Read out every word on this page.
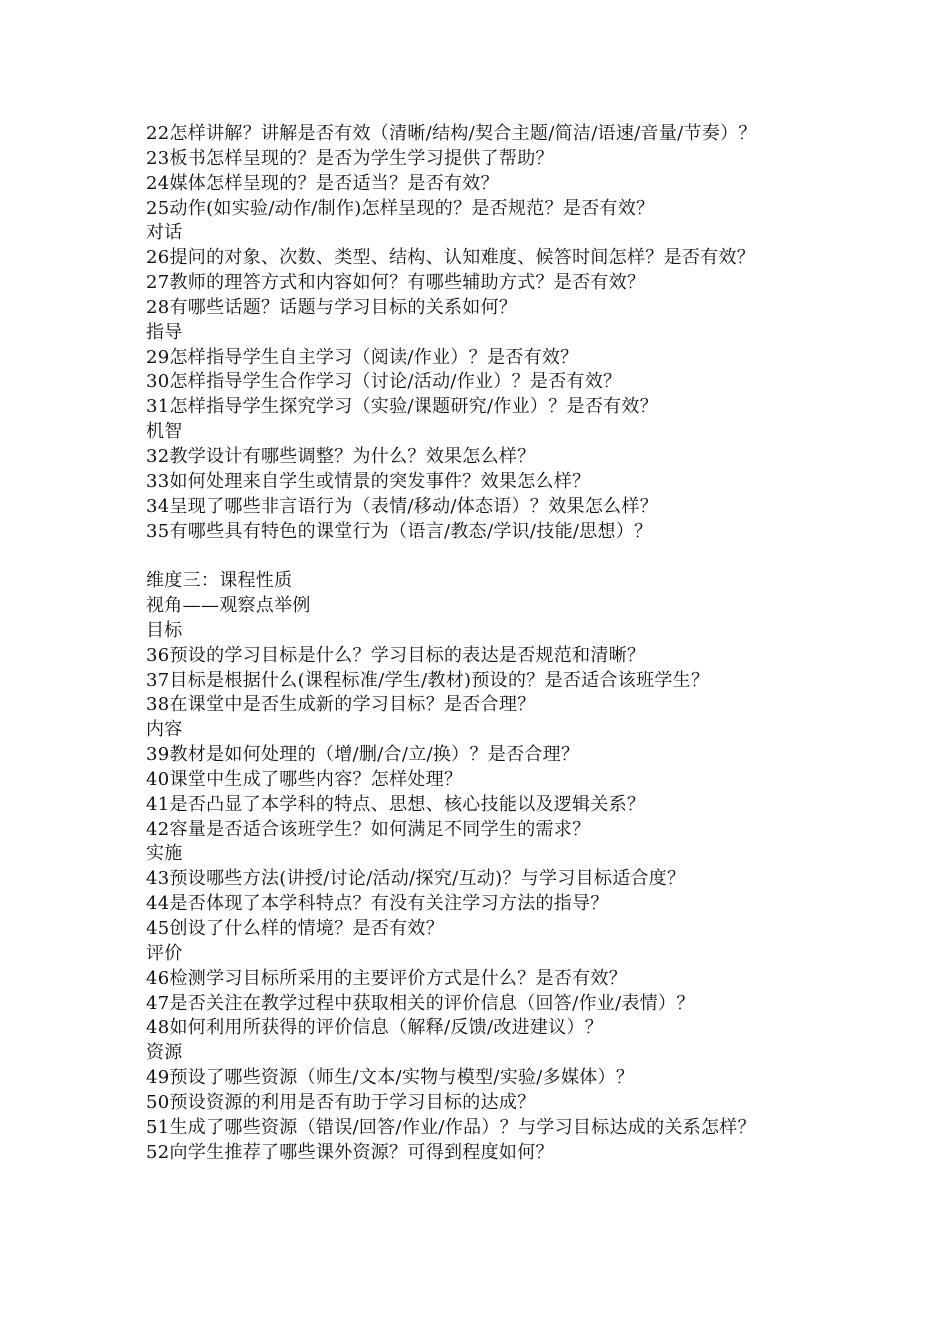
22怎样讲解？讲解是否有效（清晰/结构/契合主题/简洁/语速/音量/节奏）？
23板书怎样呈现的？是否为学生学习提供了帮助？
24媒体怎样呈现的？是否适当？是否有效？
25动作(如实验/动作/制作)怎样呈现的？是否规范？是否有效？
对话
26提问的对象、次数、类型、结构、认知难度、候答时间怎样？是否有效？
27教师的理答方式和内容如何？有哪些辅助方式？是否有效？
28有哪些话题？话题与学习目标的关系如何？
指导
29怎样指导学生自主学习（阅读/作业）？是否有效？
30怎样指导学生合作学习（讨论/活动/作业）？是否有效？
31怎样指导学生探究学习（实验/课题研究/作业）？是否有效？
机智
32教学设计有哪些调整？为什么？效果怎么样？
33如何处理来自学生或情景的突发事件？效果怎么样？
34呈现了哪些非言语行为（表情/移动/体态语）？效果怎么样？
35有哪些具有特色的课堂行为（语言/教态/学识/技能/思想）？
维度三：课程性质
视角——观察点举例
目标
36预设的学习目标是什么？学习目标的表达是否规范和清晰？
37目标是根据什么(课程标准/学生/教材)预设的？是否适合该班学生？
38在课堂中是否生成新的学习目标？是否合理？
内容
39教材是如何处理的（增/删/合/立/换）？是否合理？
40课堂中生成了哪些内容？怎样处理？
41是否凸显了本学科的特点、思想、核心技能以及逻辑关系？
42容量是否适合该班学生？如何满足不同学生的需求？
实施
43预设哪些方法(讲授/讨论/活动/探究/互动)？与学习目标适合度？
44是否体现了本学科特点？有没有关注学习方法的指导？
45创设了什么样的情境？是否有效？
评价
46检测学习目标所采用的主要评价方式是什么？是否有效？
47是否关注在教学过程中获取相关的评价信息（回答/作业/表情）？
48如何利用所获得的评价信息（解释/反馈/改进建议）？
资源
49预设了哪些资源（师生/文本/实物与模型/实验/多媒体）？
50预设资源的利用是否有助于学习目标的达成？
51生成了哪些资源（错误/回答/作业/作品）？与学习目标达成的关系怎样？
52向学生推荐了哪些课外资源？可得到程度如何？
